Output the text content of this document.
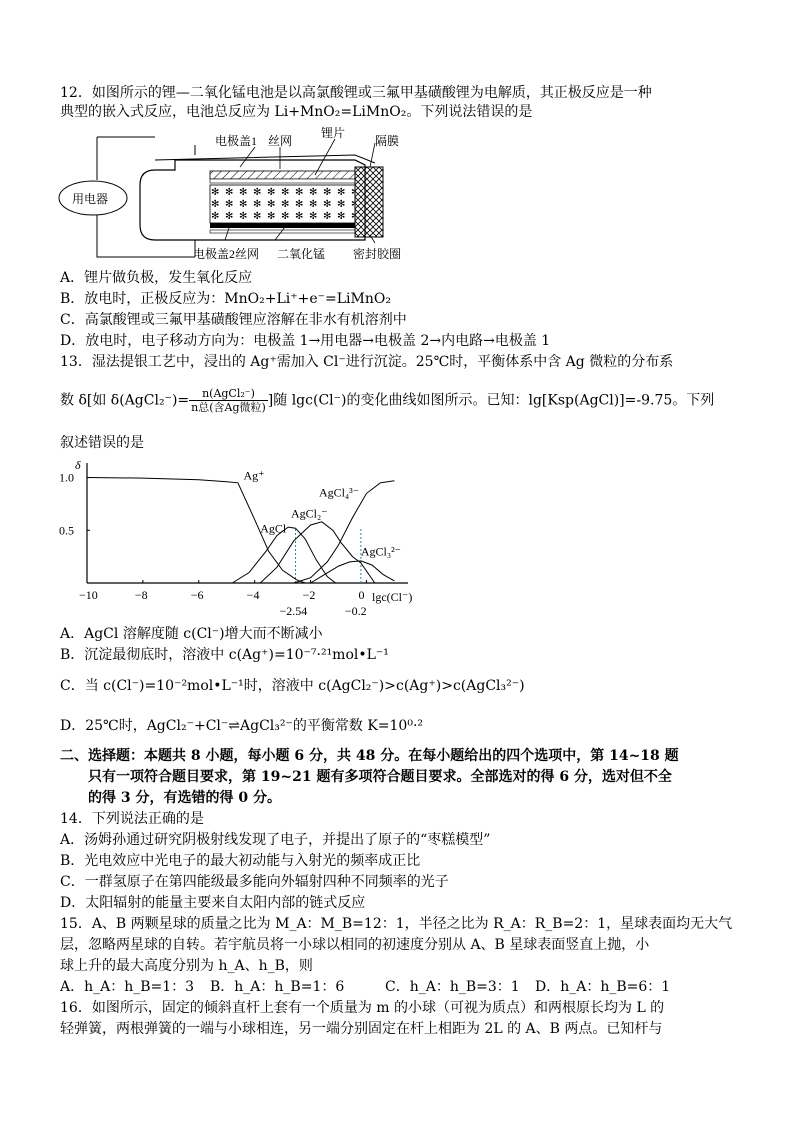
12．如图所示的锂—二氧化锰电池是以高氯酸锂或三氟甲基磺酸锂为电解质，其正极反应是一种
典型的嵌入式反应，电池总反应为 Li+MnO₂=LiMnO₂。下列说法错误的是
电极盖1 丝网
锂片
隔膜
用电器
电极盖2丝网 二氧化锰 密封胶圈
A．锂片做负极，发生氧化反应
B．放电时，正极反应为：MnO₂+Li⁺+e⁻=LiMnO₂
C．高氯酸锂或三氟甲基磺酸锂应溶解在非水有机溶剂中
D．放电时，电子移动方向为：电极盖 1→用电器→电极盖 2→内电路→电极盖 1
13．湿法提银工艺中，浸出的 Ag⁺需加入 Cl⁻进行沉淀。25℃时，平衡体系中含 Ag 微粒的分布系
数 δ[如 δ(AgCl₂⁻)= $\frac{\text{n(AgCl₂⁻)}}{\text{n总(含Ag微粒)}}$ ]随 lgc(Cl⁻)的变化曲线如图所示。已知：lg[Ksp(AgCl)]=-9.75。下列
叙述错误的是
δ
lgc(Cl⁻)
−10	−8	−6	−4	−2	0
0.5
1.0
−2.54	−0.2
Ag⁺
AgCl
AgCl₂⁻
AgCl₃²⁻
AgCl₄³⁻
A．AgCl 溶解度随 c(Cl⁻)增大而不断减小
B．沉淀最彻底时，溶液中 c(Ag⁺)=10⁻⁷·²¹mol•L⁻¹
C．当 c(Cl⁻)=10⁻²mol•L⁻¹时，溶液中 c(AgCl₂⁻)>c(Ag⁺)>c(AgCl₃²⁻)
D．25℃时，AgCl₂⁻+Cl⁻⇌AgCl₃²⁻的平衡常数 K=10⁰·²
二、选择题：本题共 8 小题，每小题 6 分，共 48 分。在每小题给出的四个选项中，第 14~18 题
只有一项符合题目要求，第 19~21 题有多项符合题目要求。全部选对的得 6 分，选对但不全
的得 3 分，有选错的得 0 分。
14．下列说法正确的是
A．汤姆孙通过研究阴极射线发现了电子，并提出了原子的“枣糕模型”
B．光电效应中光电子的最大初动能与入射光的频率成正比
C．一群氢原子在第四能级最多能向外辐射四种不同频率的光子
D．太阳辐射的能量主要来自太阳内部的链式反应
15．A、B 两颗星球的质量之比为 M_A：M_B=12：1，半径之比为 R_A：R_B=2：1，星球表面均无大气
层，忽略两星球的自转。若宇航员将一小球以相同的初速度分别从 A、B 星球表面竖直上抛，小
球上升的最大高度分别为 h_A、h_B，则
A．h_A：h_B=1：3 B．h_A：h_B=1：6	C．h_A：h_B=3：1 D．h_A：h_B=6：1
16．如图所示，固定的倾斜直杆上套有一个质量为 m 的小球（可视为质点）和两根原长均为 L 的
轻弹簧，两根弹簧的一端与小球相连，另一端分别固定在杆上相距为 2L 的 A、B 两点。已知杆与
